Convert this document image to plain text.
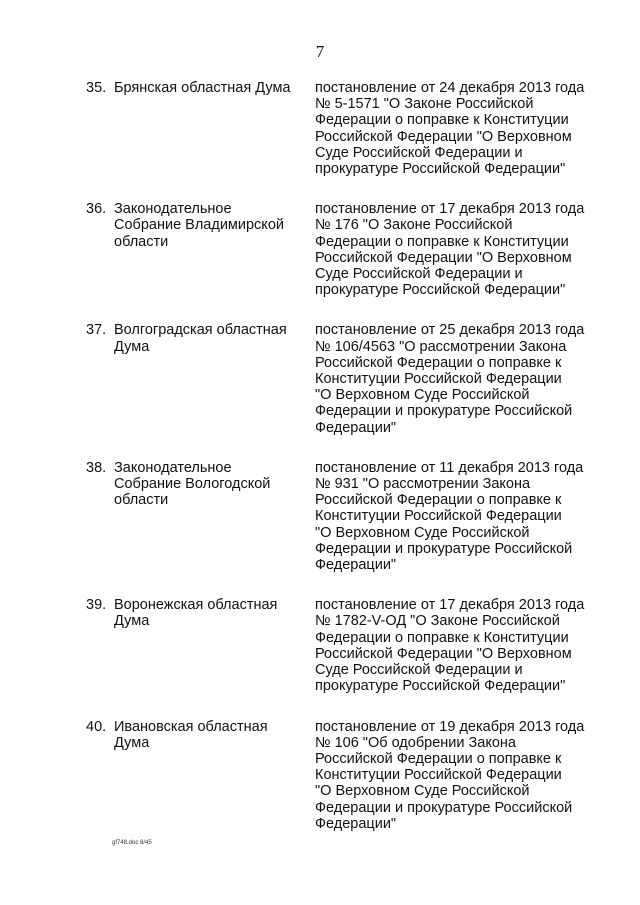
7
35. Брянская областная Дума	постановление от 24 декабря 2013 года
№ 5-1571 "О Законе Российской
Федерации о поправке к Конституции
Российской Федерации "О Верховном
Суде Российской Федерации и
прокуратуре Российской Федерации"
36. Законодательное Собрание Владимирской области
постановление от 17 декабря 2013 года
№ 176 "О Законе Российской
Федерации о поправке к Конституции
Российской Федерации "О Верховном
Суде Российской Федерации и
прокуратуре Российской Федерации"
37. Волгоградская областная Дума
постановление от 25 декабря 2013 года
№ 106/4563 "О рассмотрении Закона
Российской Федерации о поправке к
Конституции Российской Федерации
"О Верховном Суде Российской
Федерации и прокуратуре Российской
Федерации"
38. Законодательное Собрание Вологодской области
постановление от 11 декабря 2013 года
№ 931 "О рассмотрении Закона
Российской Федерации о поправке к
Конституции Российской Федерации
"О Верховном Суде Российской
Федерации и прокуратуре Российской
Федерации"
39. Воронежская областная Дума
постановление от 17 декабря 2013 года
№ 1782-V-ОД "О Законе Российской
Федерации о поправке к Конституции
Российской Федерации "О Верховном
Суде Российской Федерации и
прокуратуре Российской Федерации"
40. Ивановская областная Дума
постановление от 19 декабря 2013 года
№ 106 "Об одобрении Закона
Российской Федерации о поправке к
Конституции Российской Федерации
"О Верховном Суде Российской
Федерации и прокуратуре Российской
Федерации"
gf748.doc 8/45
